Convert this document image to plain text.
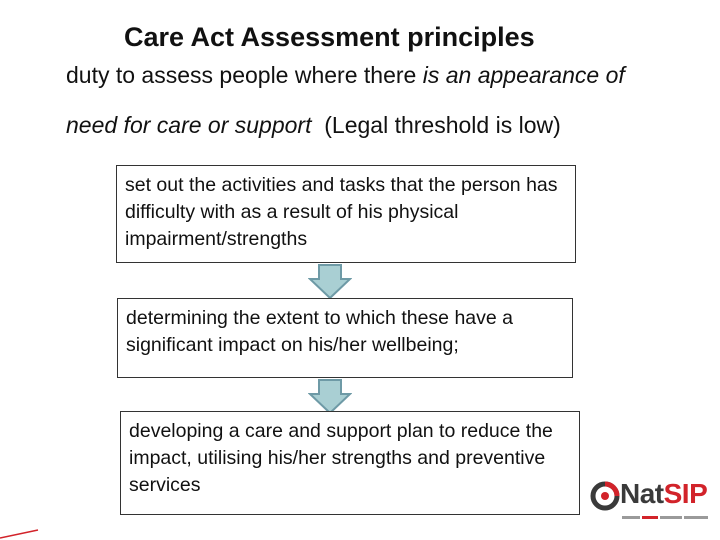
Care Act Assessment principles
duty to assess people where there is an appearance of
need for care or support  (Legal threshold is low)
set out the activities and tasks that the person has difficulty with as a result of his physical impairment/strengths
determining the extent to which these have a significant impact on his/her wellbeing;
developing a care and support plan to reduce the impact, utilising his/her strengths and preventive services	NatSIP
